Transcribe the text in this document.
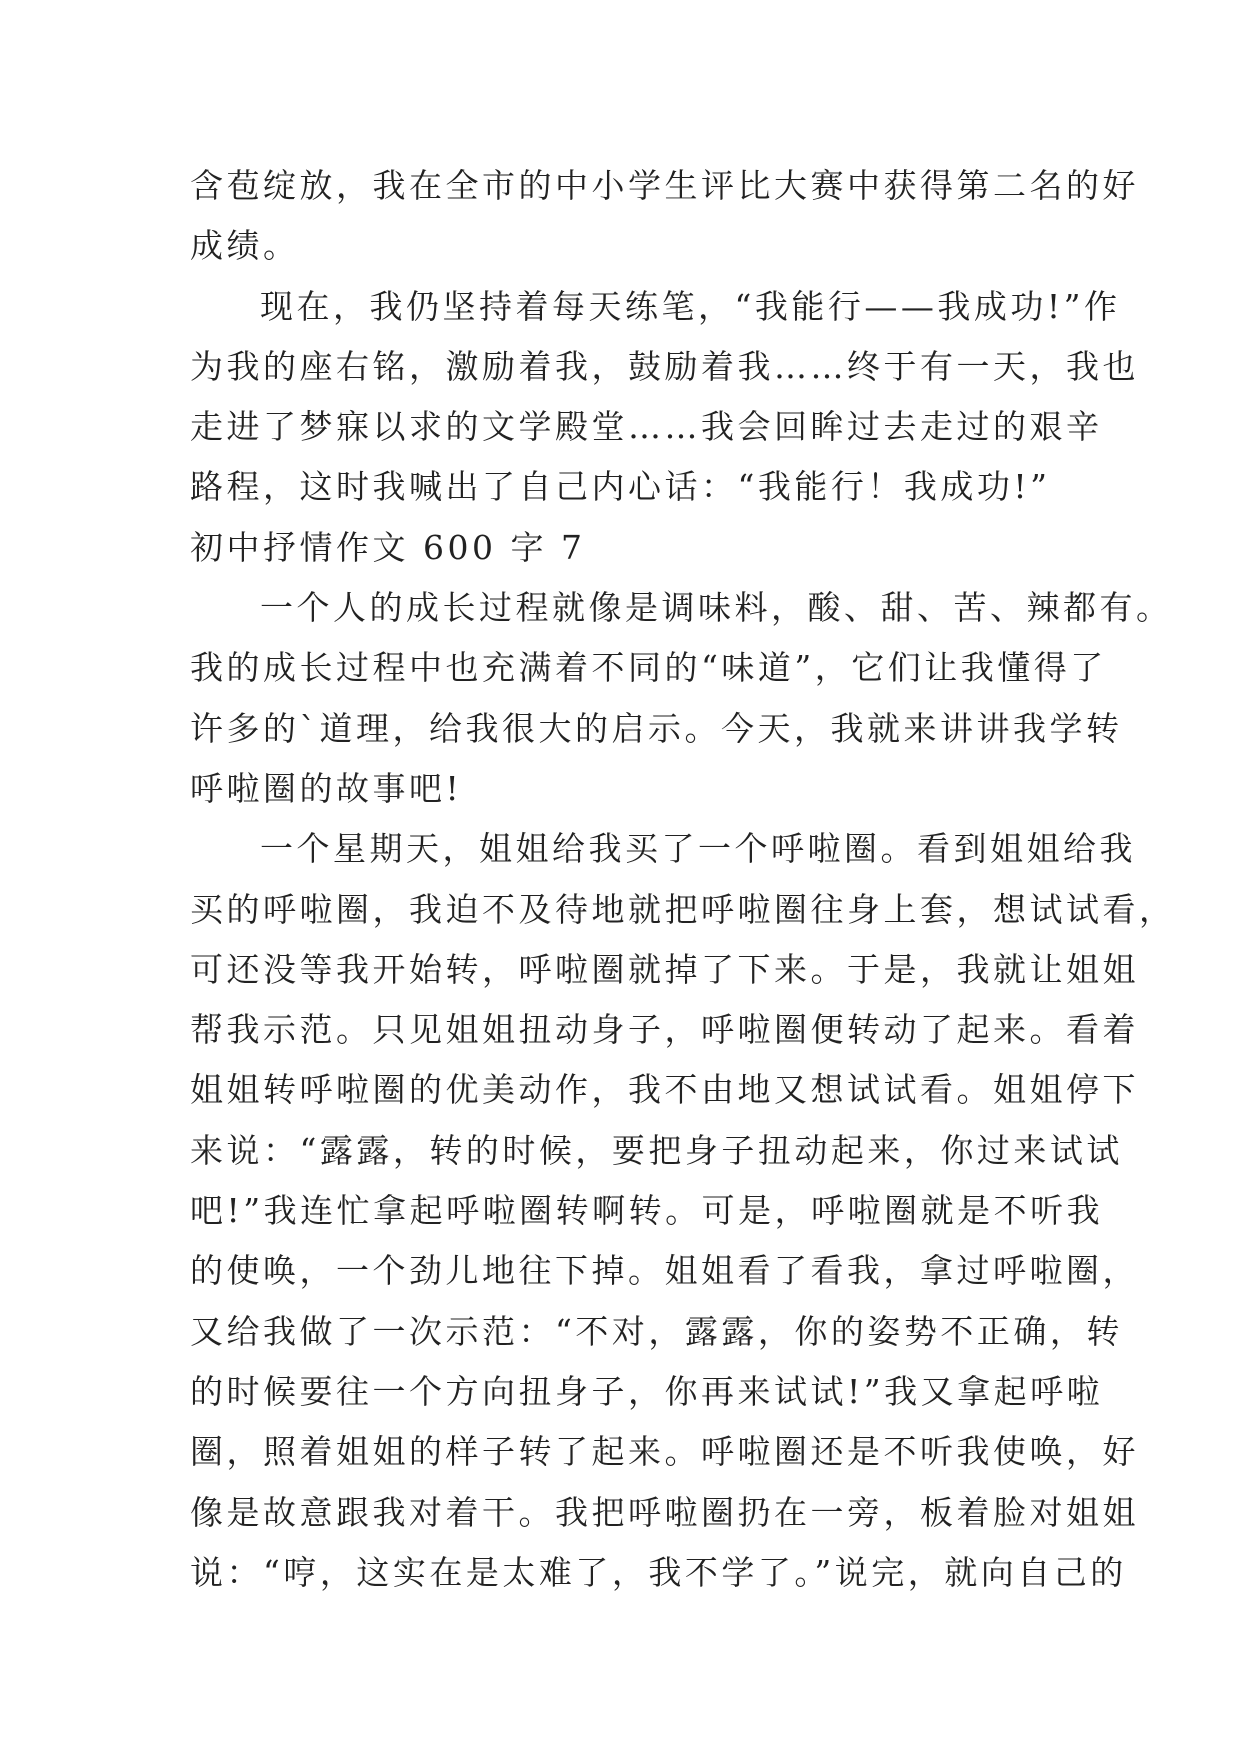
含苞绽放，我在全市的中小学生评比大赛中获得第二名的好
成绩。
现在，我仍坚持着每天练笔，“我能行——我成功!”作
为我的座右铭，激励着我，鼓励着我……终于有一天，我也
走进了梦寐以求的文学殿堂……我会回眸过去走过的艰辛
路程，这时我喊出了自己内心话：“我能行！我成功!”
初中抒情作文 600 字 7
一个人的成长过程就像是调味料，酸、甜、苦、辣都有。
我的成长过程中也充满着不同的“味道”，它们让我懂得了
许多的`道理，给我很大的启示。今天，我就来讲讲我学转
呼啦圈的故事吧!
一个星期天，姐姐给我买了一个呼啦圈。看到姐姐给我
买的呼啦圈，我迫不及待地就把呼啦圈往身上套，想试试看，
可还没等我开始转，呼啦圈就掉了下来。于是，我就让姐姐
帮我示范。只见姐姐扭动身子，呼啦圈便转动了起来。看着
姐姐转呼啦圈的优美动作，我不由地又想试试看。姐姐停下
来说：“露露，转的时候，要把身子扭动起来，你过来试试
吧!”我连忙拿起呼啦圈转啊转。可是，呼啦圈就是不听我
的使唤，一个劲儿地往下掉。姐姐看了看我，拿过呼啦圈，
又给我做了一次示范：“不对，露露，你的姿势不正确，转
的时候要往一个方向扭身子，你再来试试!”我又拿起呼啦
圈，照着姐姐的样子转了起来。呼啦圈还是不听我使唤，好
像是故意跟我对着干。我把呼啦圈扔在一旁，板着脸对姐姐
说：“哼，这实在是太难了，我不学了。”说完，就向自己的
